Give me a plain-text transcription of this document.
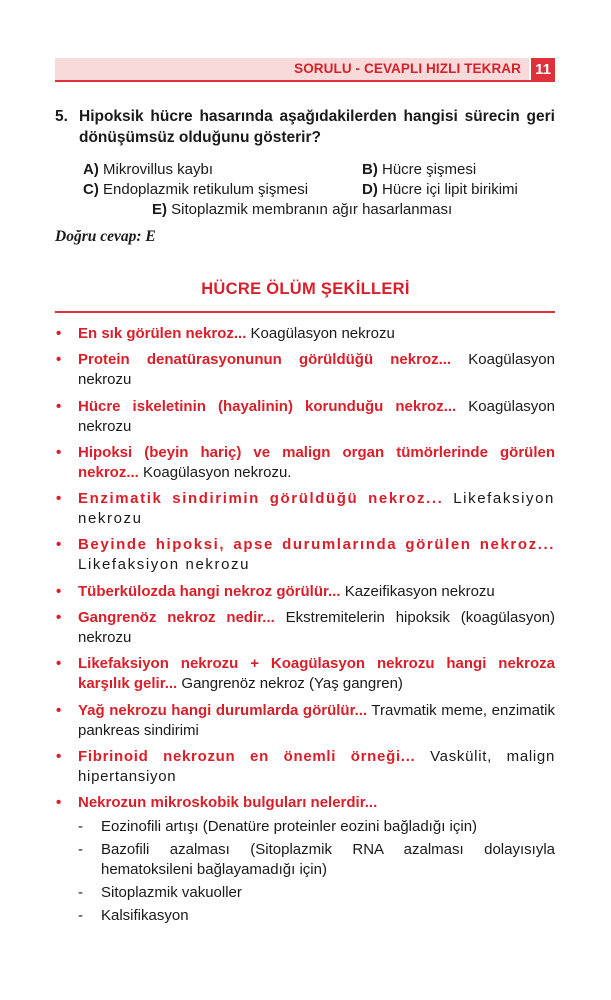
SORULU - CEVAPLI HIZLI TEKRAR 11
5. Hipoksik hücre hasarında aşağıdakilerden hangisi sürecin geri dönüşümsüz olduğunu gösterir?
A) Mikrovillus kaybı	B) Hücre şişmesi
C) Endoplazmik retikulum şişmesi	D) Hücre içi lipit birikimi
E) Sitoplazmik membranın ağır hasarlanması
Doğru cevap: E
HÜCRE ÖLÜM ŞEKİLLERİ
• En sık görülen nekroz... Koagülasyon nekrozu
• Protein denatürasyonunun görüldüğü nekroz... Koagülasyon nekrozu
• Hücre iskeletinin (hayalinin) korunduğu nekroz... Koagülasyon nekrozu
• Hipoksi (beyin hariç) ve malign organ tümörlerinde görülen nekroz... Koagülasyon nekrozu.
• Enzimatik sindirimin görüldüğü nekroz... Likefaksiyon nekrozu
• Beyinde hipoksi, apse durumlarında görülen nekroz... Likefaksiyon nekrozu
• Tüberkülozda hangi nekroz görülür... Kazeifikasyon nekrozu
• Gangrenöz nekroz nedir... Ekstremitelerin hipoksik (koagülasyon) nekrozu
• Likefaksiyon nekrozu + Koagülasyon nekrozu hangi nekroza karşılık gelir... Gangrenöz nekroz (Yaş gangren)
• Yağ nekrozu hangi durumlarda görülür... Travmatik meme, enzimatik pankreas sindirimi
• Fibrinoid nekrozun en önemli örneği... Vaskülit, malign hipertansiyon
• Nekrozun mikroskobik bulguları nelerdir...
- Eozinofili artışı (Denatüre proteinler eozini bağladığı için)
- Bazofili azalması (Sitoplazmik RNA azalması dolayısıyla hematoksileni bağlayamadığı için)
- Sitoplazmik vakuoller
- Kalsifikasyon
